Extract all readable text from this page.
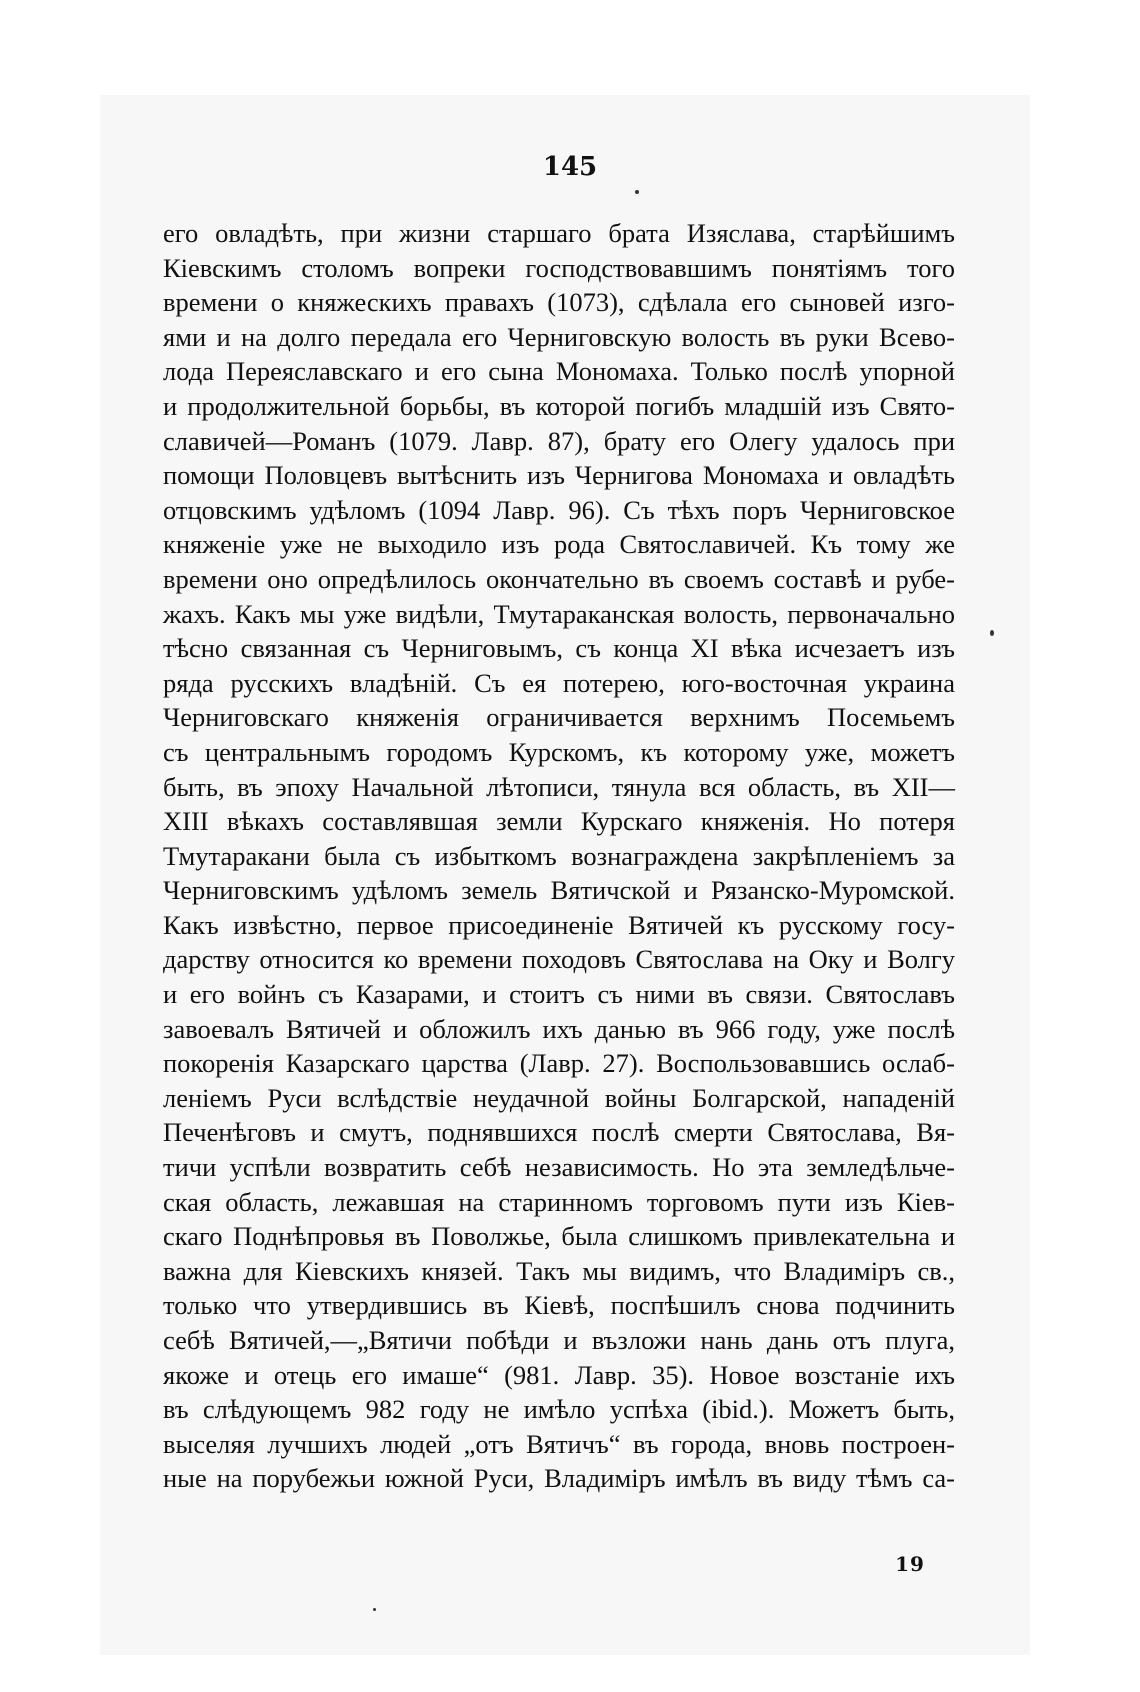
145
его овладѣть, при жизни старшаго брата Изяслава, старѣйшимъ
Кіевскимъ столомъ вопреки господствовавшимъ понятіямъ того
времени о княжескихъ правахъ (1073), сдѣлала его сыновей изго-
ями и на долго передала его Черниговскую волость въ руки Всево-
лода Переяславскаго и его сына Мономаха. Только послѣ упорной
и продолжительной борьбы, въ которой погибъ младшій изъ Свято-
славичей—Романъ (1079. Лавр. 87), брату его Олегу удалось при
помощи Половцевъ вытѣснить изъ Чернигова Мономаха и овладѣть
отцовскимъ удѣломъ (1094 Лавр. 96). Съ тѣхъ поръ Черниговское
княженіе уже не выходило изъ рода Святославичей. Къ тому же
времени оно опредѣлилось окончательно въ своемъ составѣ и рубе-
жахъ. Какъ мы уже видѣли, Тмутараканская волость, первоначально
тѣсно связанная съ Черниговымъ, съ конца XI вѣка исчезаетъ изъ
ряда русскихъ владѣній. Съ ея потерею, юго-восточная украина
Черниговскаго княженія ограничивается верхнимъ Посемьемъ
съ центральнымъ городомъ Курскомъ, къ которому уже, можетъ
быть, въ эпоху Начальной лѣтописи, тянула вся область, въ XII—
XIII вѣкахъ составлявшая земли Курскаго княженія. Но потеря
Тмутаракани была съ избыткомъ вознаграждена закрѣпленіемъ за
Черниговскимъ удѣломъ земель Вятичской и Рязанско-Муромской.
Какъ извѣстно, первое присоединеніе Вятичей къ русскому госу-
дарству относится ко времени походовъ Святослава на Оку и Волгу
и его войнъ съ Казарами, и стоитъ съ ними въ связи. Святославъ
завоевалъ Вятичей и обложилъ ихъ данью въ 966 году, уже послѣ
покоренія Казарскаго царства (Лавр. 27). Воспользовавшись ослаб-
леніемъ Руси вслѣдствіе неудачной войны Болгарской, нападеній
Печенѣговъ и смутъ, поднявшихся послѣ смерти Святослава, Вя-
тичи успѣли возвратить себѣ независимость. Но эта земледѣльче-
ская область, лежавшая на старинномъ торговомъ пути изъ Кіев-
скаго Поднѣпровья въ Поволжье, была слишкомъ привлекательна и
важна для Кіевскихъ князей. Такъ мы видимъ, что Владиміръ св.,
только что утвердившись въ Кіевѣ, поспѣшилъ снова подчинить
себѣ Вятичей,—„Вятичи побѣди и възложи нань дань отъ плуга,
якоже и отець его имаше“ (981. Лавр. 35). Новое возстаніе ихъ
въ слѣдующемъ 982 году не имѣло успѣха (ibid.). Можетъ быть,
выселяя лучшихъ людей „отъ Вятичъ“ въ города, вновь построен-
ные на порубежьи южной Руси, Владиміръ имѣлъ въ виду тѣмъ са-
19
